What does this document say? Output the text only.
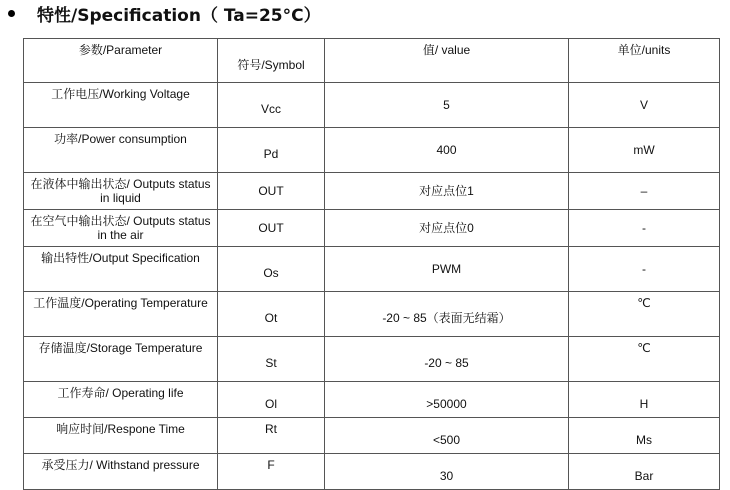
特性/Specification（ Ta=25°C）
参数/Parameter	符号/Symbol	值/ value	单位/units
工作电压/Working Voltage	Vcc	5	V
功率/Power consumption	Pd	400	mW
在液体中输出状态/ Outputs status in liquid	OUT	对应点位1	–
在空气中输出状态/ Outputs status in the air	OUT	对应点位0	-
输出特性/Output Specification	Os	PWM	-
工作温度/Operating Temperature	Ot	-20 ~ 85（表面无结霜）	℃
存储温度/Storage Temperature	St	-20 ~ 85	℃
工作寿命/ Operating life	Ol	>50000	H
响应时间/Respone Time	Rt	<500	Ms
承受压力/ Withstand pressure	F	30	Bar
